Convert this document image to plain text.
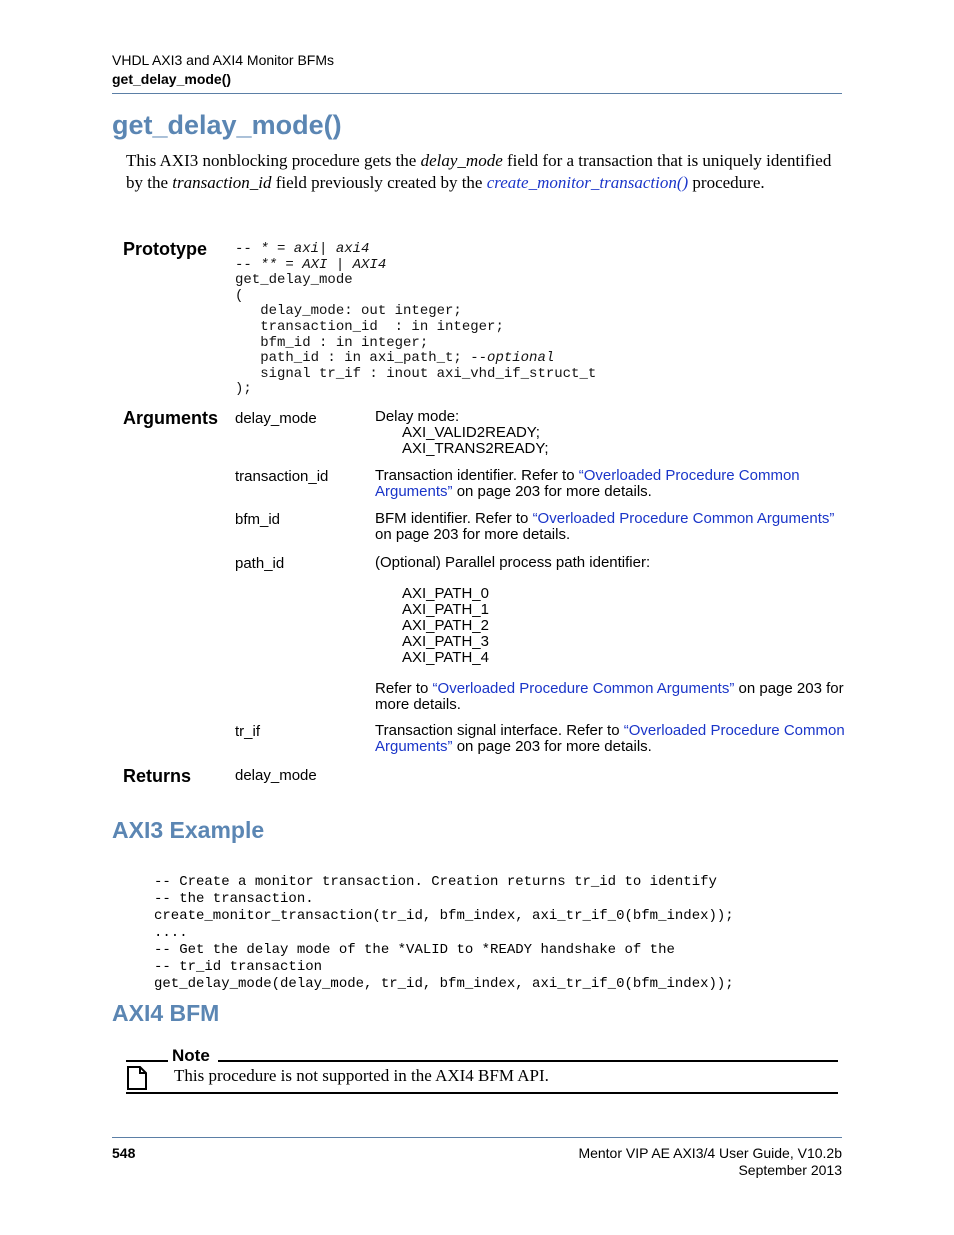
VHDL AXI3 and AXI4 Monitor BFMs
get_delay_mode()
get_delay_mode()
This AXI3 nonblocking procedure gets the delay_mode field for a transaction that is uniquely identified by the transaction_id field previously created by the create_monitor_transaction() procedure.
Prototype -- * = axi| axi4
-- ** = AXI | AXI4
get_delay_mode
(
delay_mode: out integer;
transaction_id  : in integer;
bfm_id : in integer;
path_id : in axi_path_t; --optional
signal tr_if : inout axi_vhd_if_struct_t
);
Arguments delay_mode	Delay mode:
AXI_VALID2READY;
AXI_TRANS2READY;
transaction_id	Transaction identifier. Refer to “Overloaded Procedure Common Arguments” on page 203 for more details.
bfm_id	BFM identifier. Refer to “Overloaded Procedure Common Arguments” on page 203 for more details.
path_id	(Optional) Parallel process path identifier:
AXI_PATH_0
AXI_PATH_1
AXI_PATH_2
AXI_PATH_3
AXI_PATH_4
Refer to “Overloaded Procedure Common Arguments” on page 203 for more details.
tr_if	Transaction signal interface. Refer to “Overloaded Procedure Common Arguments” on page 203 for more details.
Returns	delay_mode
AXI3 Example

-- Create a monitor transaction. Creation returns tr_id to identify
-- the transaction.
create_monitor_transaction(tr_id, bfm_index, axi_tr_if_0(bfm_index));
....
-- Get the delay mode of the *VALID to *READY handshake of the
-- tr_id transaction
get_delay_mode(delay_mode, tr_id, bfm_index, axi_tr_if_0(bfm_index));

AXI4 BFM
Note
This procedure is not supported in the AXI4 BFM API.
548	Mentor VIP AE AXI3/4 User Guide, V10.2b
September 2013
